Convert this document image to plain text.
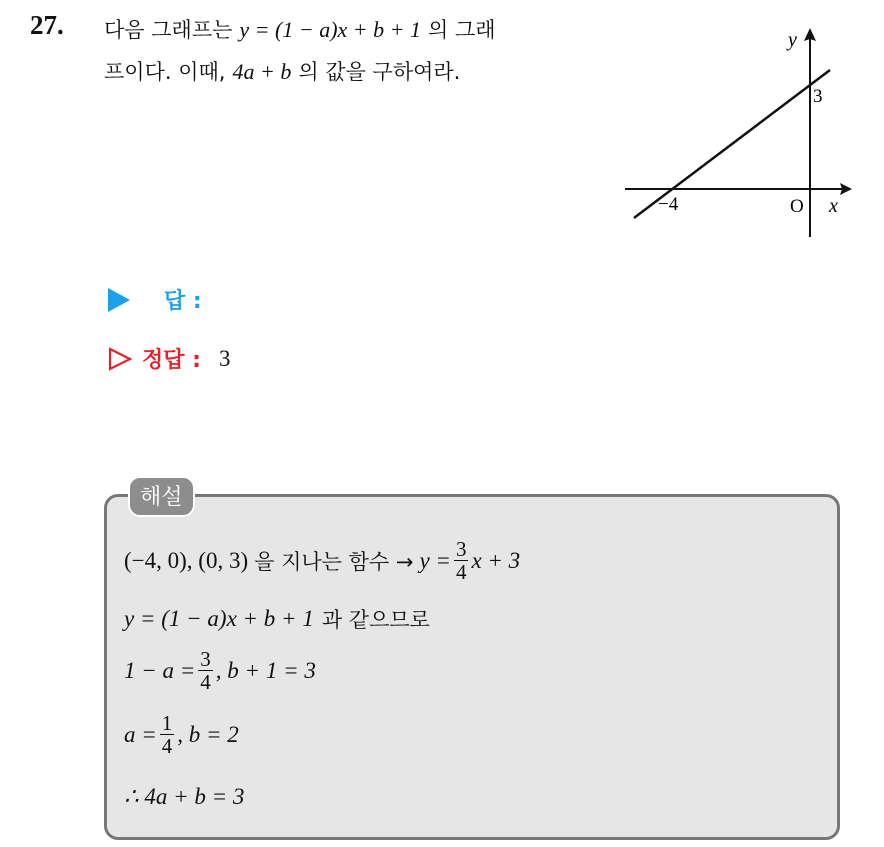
27. 다음 그래프는 y = (1 − a)x + b + 1 의 그래
프이다. 이때, 4a + b 의 값을 구하여라.
y
3
−4	O x
답 :
정답 : 3
해설
(−4, 0), (0, 3) 을 지나는 함수 → $y = \frac{3}{4}$ x + 3
y = (1 − a)x + b + 1 과 같으므로
$1 - a = \frac{3}{4}$ , b + 1 = 3
$a = \frac{1}{4}$ , b = 2
∴ 4a + b = 3
